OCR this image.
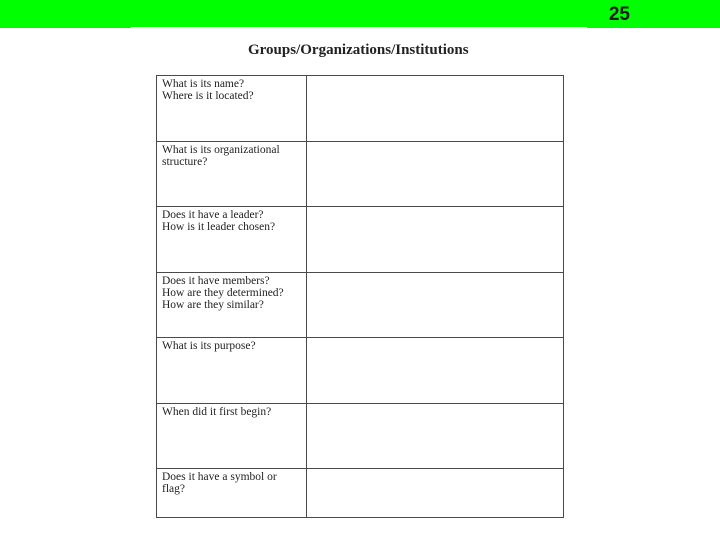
25
Groups/Organizations/Institutions
What is its name?
Where is it located?	

What is its organizational
structure?	

Does it have a leader?
How is it leader chosen?	

Does it have members?
How are they determined?
How are they similar?	

What is its purpose?	

When did it first begin?	

Does it have a symbol or
flag?	
